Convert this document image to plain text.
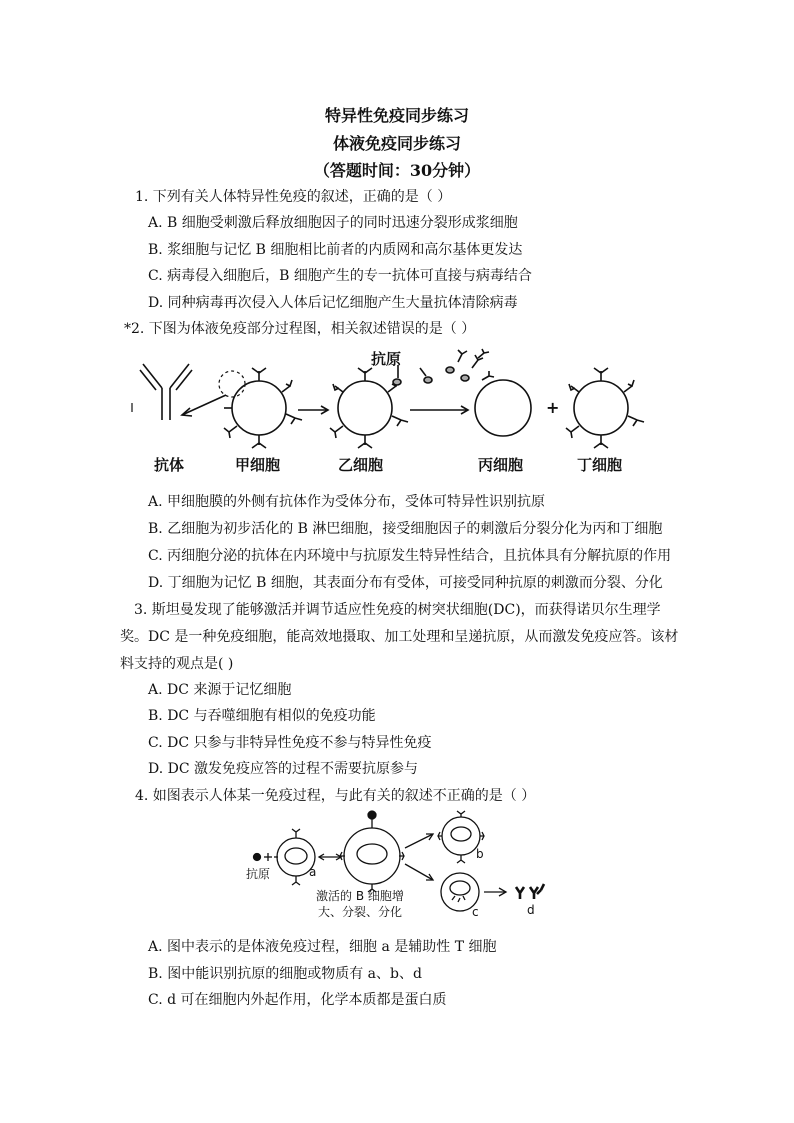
特异性免疫同步练习
体液免疫同步练习
（答题时间：30分钟）
1. 下列有关人体特异性免疫的叙述，正确的是（ ）
A. B 细胞受刺激后释放细胞因子的同时迅速分裂形成浆细胞
B. 浆细胞与记忆 B 细胞相比前者的内质网和高尔基体更发达
C. 病毒侵入细胞后，B 细胞产生的专一抗体可直接与病毒结合
D. 同种病毒再次侵入人体后记忆细胞产生大量抗体清除病毒
*2. 下图为体液免疫部分过程图，相关叙述错误的是（ ）
抗原
+
抗体	甲细胞	乙细胞	丙细胞	丁细胞
A. 甲细胞膜的外侧有抗体作为受体分布，受体可特异性识别抗原
B. 乙细胞为初步活化的 B 淋巴细胞，接受细胞因子的刺激后分裂分化为丙和丁细胞
C. 丙细胞分泌的抗体在内环境中与抗原发生特异性结合，且抗体具有分解抗原的作用
D. 丁细胞为记忆 B 细胞，其表面分布有受体，可接受同种抗原的刺激而分裂、分化
3. 斯坦曼发现了能够激活并调节适应性免疫的树突状细胞(DC)，而获得诺贝尔生理学奖。DC 是一种免疫细胞，能高效地摄取、加工处理和呈递抗原，从而激发免疫应答。该材料支持的观点是( )
A. DC 来源于记忆细胞
B. DC 与吞噬细胞有相似的免疫功能
C. DC 只参与非特异性免疫不参与特异性免疫
D. DC 激发免疫应答的过程不需要抗原参与
4. 如图表示人体某一免疫过程，与此有关的叙述不正确的是（ ）
抗原	a
b
c	d
激活的 B 细胞增
大、分裂、分化
A. 图中表示的是体液免疫过程，细胞 a 是辅助性 T 细胞
B. 图中能识别抗原的细胞或物质有 a、b、d
C. d 可在细胞内外起作用，化学本质都是蛋白质
